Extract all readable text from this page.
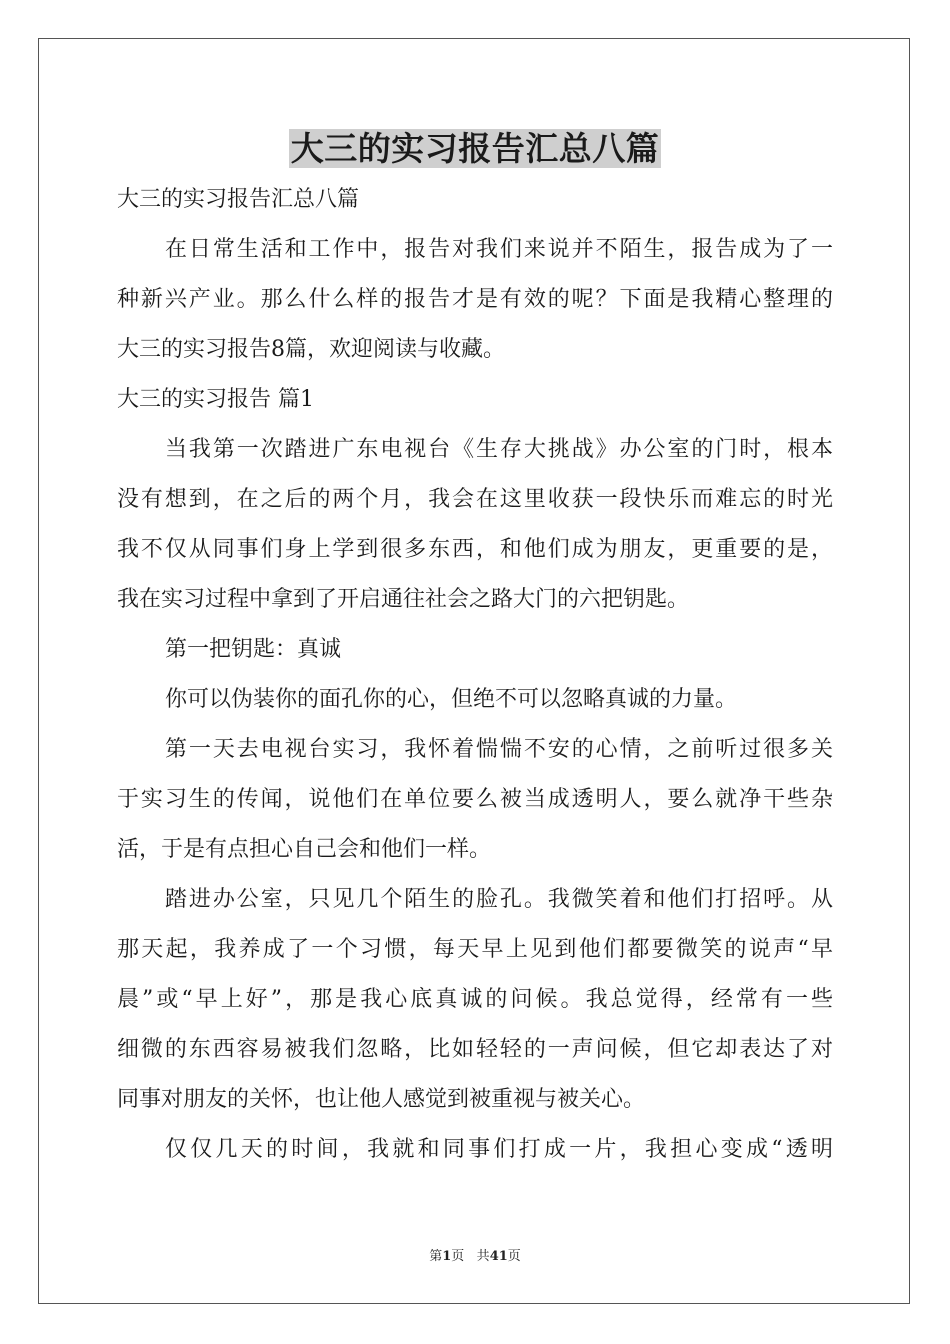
大三的实习报告汇总八篇
大三的实习报告汇总八篇
在日常生活和工作中，报告对我们来说并不陌生，报告成为了一
种新兴产业。那么什么样的报告才是有效的呢？下面是我精心整理的
大三的实习报告8篇，欢迎阅读与收藏。
大三的实习报告 篇1
当我第一次踏进广东电视台《生存大挑战》办公室的门时，根本
没有想到，在之后的两个月，我会在这里收获一段快乐而难忘的时光
我不仅从同事们身上学到很多东西，和他们成为朋友，更重要的是，
我在实习过程中拿到了开启通往社会之路大门的六把钥匙。
第一把钥匙：真诚
你可以伪装你的面孔你的心，但绝不可以忽略真诚的力量。
第一天去电视台实习，我怀着惴惴不安的心情，之前听过很多关
于实习生的传闻，说他们在单位要么被当成透明人，要么就净干些杂
活，于是有点担心自己会和他们一样。
踏进办公室，只见几个陌生的脸孔。我微笑着和他们打招呼。从
那天起，我养成了一个习惯，每天早上见到他们都要微笑的说声“早
晨”或“早上好”，那是我心底真诚的问候。我总觉得，经常有一些
细微的东西容易被我们忽略，比如轻轻的一声问候，但它却表达了对
同事对朋友的关怀，也让他人感觉到被重视与被关心。
仅仅几天的时间，我就和同事们打成一片，我担心变成“透明
第1页 共41页
